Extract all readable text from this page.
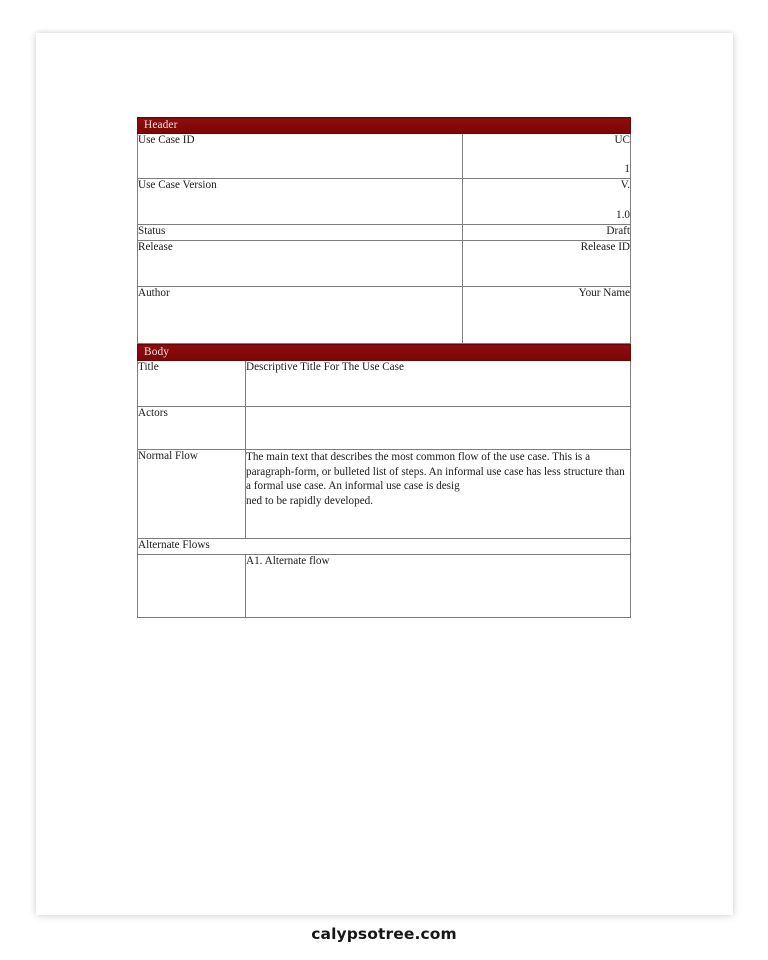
Header	
Use Case ID	UC
1

Use Case Version	V.
1.0

Status	Draft
Release	Release ID
Author	Your Name
Body	
Title	Descriptive Title For The Use Case
Actors	
Normal Flow	The main text that describes the most common flow of the use case. This is a paragraph-form, or bulleted list of steps. An informal use case has less structure than a formal use case. An informal use case is desig
ned to be rapidly developed.

Alternate Flows	
	A1. Alternate flow
calypsotree.com
